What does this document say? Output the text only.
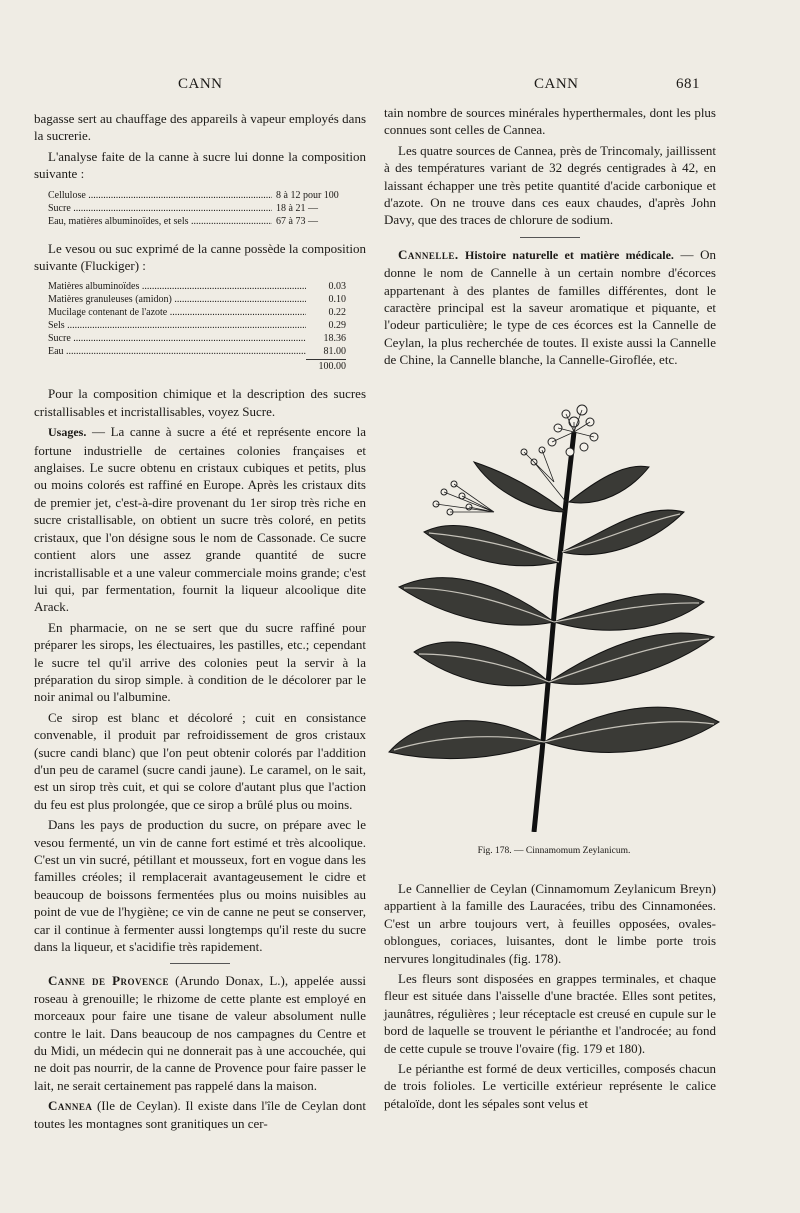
CANN	CANN	681

bagasse sert au chauffage des appareils à vapeur employés dans la sucrerie.

L'analyse faite de la canne à sucre lui donne la composition suivante :

Cellulose .....	8 à 12 pour 100
Sucre .....	18 à 21 —
Eau, matières albuminoïdes, et sels .....	67 à 73 —

Le vesou ou suc exprimé de la canne possède la composition suivante (Fluckiger) :

Matières albuminoïdes .....	0.03
Matières granuleuses (amidon) .....	0.10
Mucilage contenant de l'azote .....	0.22
Sels .....	0.29
Sucre .....	18.36
Eau .....	81.00
100.00

Pour la composition chimique et la description des sucres cristallisables et incristallisables, voyez Sucre.

Usages. — La canne à sucre a été et représente encore la fortune industrielle de certaines colonies françaises et anglaises. Le sucre obtenu en cristaux cubiques et petits, plus ou moins colorés est raffiné en Europe. Après les cristaux dits de premier jet, c'est-à-dire provenant du 1er sirop très riche en sucre cristallisable, on obtient un sucre très coloré, en petits cristaux, que l'on désigne sous le nom de Cassonade. Ce sucre contient alors une assez grande quantité de sucre incristallisable et a une valeur commerciale moins grande; c'est lui qui, par fermentation, fournit la liqueur alcoolique dite Arack.

En pharmacie, on ne se sert que du sucre raffiné pour préparer les sirops, les électuaires, les pastilles, etc.; cependant le sucre tel qu'il arrive des colonies peut la servir à la préparation du sirop simple. à condition de le décolorer par le noir animal ou l'albumine.

Ce sirop est blanc et décoloré ; cuit en consistance convenable, il produit par refroidissement de gros cristaux (sucre candi blanc) que l'on peut obtenir colorés par l'addition d'un peu de caramel (sucre candi jaune). Le caramel, on le sait, est un sirop très cuit, et qui se colore d'autant plus que l'action du feu est plus prolongée, que ce sirop a brûlé plus ou moins.

Dans les pays de production du sucre, on prépare avec le vesou fermenté, un vin de canne fort estimé et très alcoolique. C'est un vin sucré, pétillant et mousseux, fort en vogue dans les familles créoles; il remplacerait avantageusement le cidre et beaucoup de boissons fermentées plus ou moins nuisibles au point de vue de l'hygiène; ce vin de canne ne peut se conserver, car il continue à fermenter aussi longtemps qu'il reste du sucre dans la liqueur, et s'acidifie très rapidement.

Canne de Provence (Arundo Donax, L.), appelée aussi roseau à grenouille; le rhizome de cette plante est employé en morceaux pour faire une tisane de valeur absolument nulle contre le lait. Dans beaucoup de nos campagnes du Centre et du Midi, un médecin qui ne donnerait pas à une accouchée, qui ne doit pas nourrir, de la canne de Provence pour faire passer le lait, ne serait certainement pas rappelé dans la maison.

Cannea (Ile de Ceylan). Il existe dans l'île de Ceylan dont toutes les montagnes sont granitiques un cer-

tain nombre de sources minérales hyperthermales, dont les plus connues sont celles de Cannea.

Les quatre sources de Cannea, près de Trincomaly, jaillissent à des températures variant de 32 degrés centigrades à 42, en laissant échapper une très petite quantité d'acide carbonique et d'azote. On ne trouve dans ces eaux chaudes, d'après John Davy, que des traces de chlorure de sodium.

Cannelle. Histoire naturelle et matière médicale. — On donne le nom de Cannelle à un certain nombre d'écorces appartenant à des plantes de familles différentes, dont le caractère principal est la saveur aromatique et piquante, et l'odeur particulière; le type de ces écorces est la Cannelle de Ceylan, la plus recherchée de toutes. Il existe aussi la Cannelle de Chine, la Cannelle blanche, la Cannelle-Giroflée, etc.

Fig. 178. — Cinnamomum Zeylanicum.

Le Cannellier de Ceylan (Cinnamomum Zeylanicum Breyn) appartient à la famille des Lauracées, tribu des Cinnamonées. C'est un arbre toujours vert, à feuilles opposées, ovales-oblongues, coriaces, luisantes, dont le limbe porte trois nervures longitudinales (fig. 178).

Les fleurs sont disposées en grappes terminales, et chaque fleur est située dans l'aisselle d'une bractée. Elles sont petites, jaunâtres, régulières ; leur réceptacle est creusé en cupule sur le bord de laquelle se trouvent le périanthe et l'androcée; au fond de cette cupule se trouve l'ovaire (fig. 179 et 180).

Le périanthe est formé de deux verticilles, composés chacun de trois folioles. Le verticille extérieur représente le calice pétaloïde, dont les sépales sont velus et
